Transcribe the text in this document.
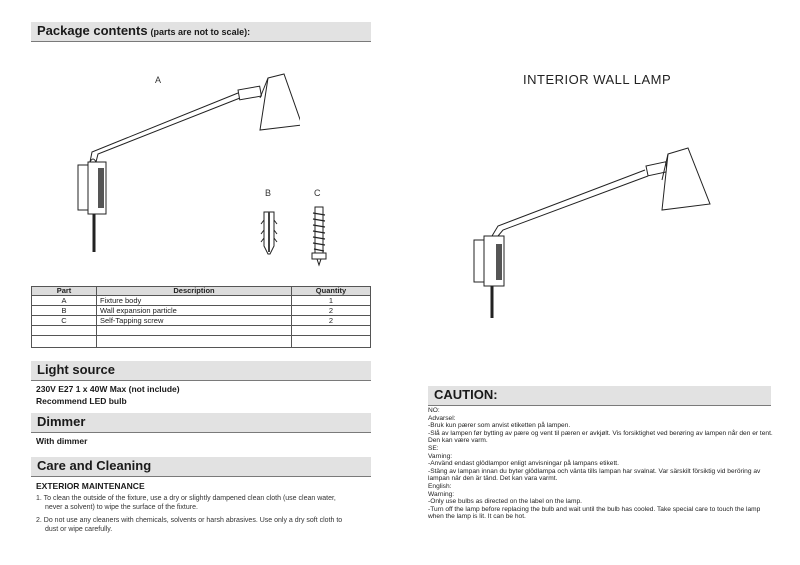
Package contents (parts are not to scale):
A
B	C
Part	Description	Quantity
A	Fixture body	1
B	Wall expansion particle	2
C	Self-Tapping screw	2

Light source
230V E27 1 x 40W Max (not include)
Recommend LED bulb
Dimmer
With dimmer
Care and Cleaning
EXTERIOR MAINTENANCE
1. To clean the outside of the fixture, use a dry or slightly dampened clean cloth (use clean water,
never a solvent) to wipe the surface of the fixture.
2. Do not use any cleaners with chemicals, solvents or harsh abrasives. Use only a dry soft cloth to
dust or wipe carefully.
INTERIOR WALL LAMP
CAUTION:
NO:
Advarsel:
-Bruk kun pærer som anvist etiketten på lampen.
-Slå av lampen før bytting av pære og vent til pæren er avkjølt. Vis forsiktighet ved berøring av lampen når den er tent. Den kan være varm.
SE:
Varning:
-Använd endast glödlampor enligt anvisningar på lampans etikett.
-Stäng av lampan innan du byter glödlampa och vänta tills lampan har svalnat. Var särskilt försiktig vid beröring av lampan när den är tänd. Det kan vara varmt.
English:
Warning:
-Only use bulbs as directed on the label on the lamp.
-Turn off the lamp before replacing the bulb and wait until the bulb has cooled. Take special care to touch the lamp when the lamp is lit. It can be hot.
